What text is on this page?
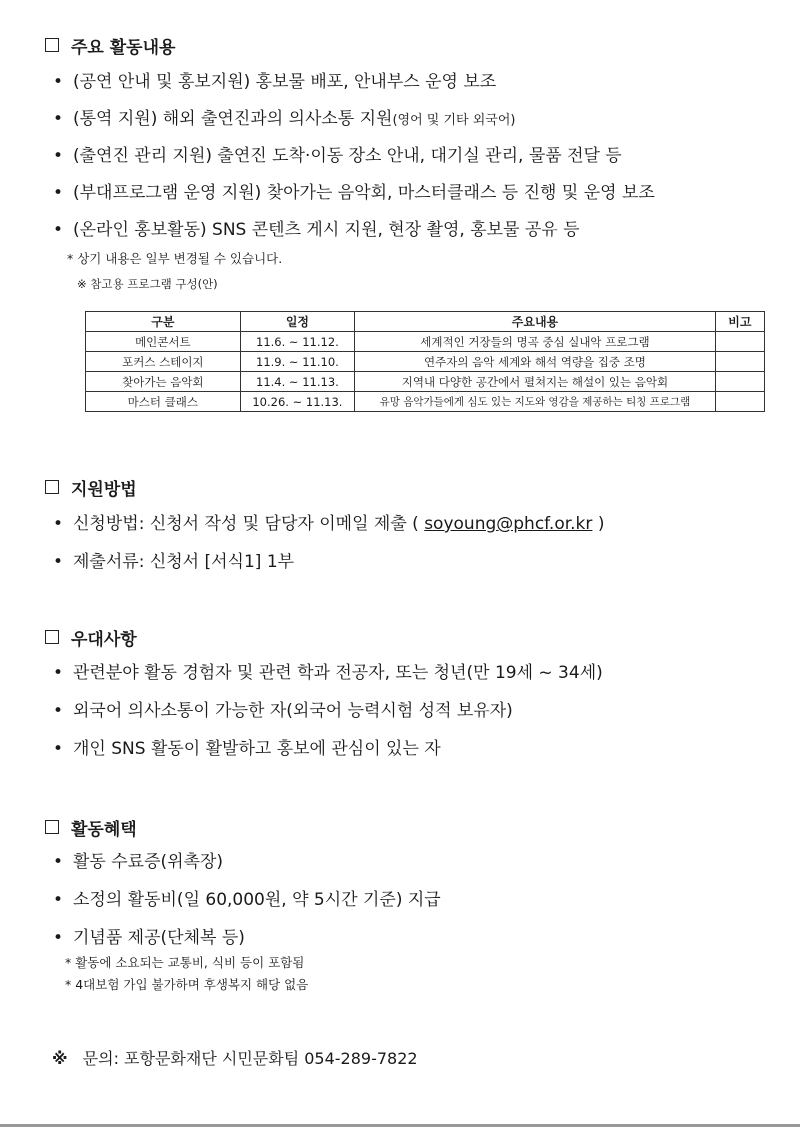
주요 활동내용
• (공연 안내 및 홍보지원) 홍보물 배포, 안내부스 운영 보조
• (통역 지원) 해외 출연진과의 의사소통 지원(영어 및 기타 외국어)
• (출연진 관리 지원) 출연진 도착·이동 장소 안내, 대기실 관리, 물품 전달 등
• (부대프로그램 운영 지원) 찾아가는 음악회, 마스터클래스 등 진행 및 운영 보조
• (온라인 홍보활동) SNS 콘텐츠 게시 지원, 현장 촬영, 홍보물 공유 등
* 상기 내용은 일부 변경될 수 있습니다.
※ 참고용 프로그램 구성(안)
구분	일정	주요내용	비고
메인콘서트	11.6. ~ 11.12.	세계적인 거장들의 명곡 중심 실내악 프로그램	
포커스 스테이지	11.9. ~ 11.10.	연주자의 음악 세계와 해석 역량을 집중 조명	
찾아가는 음악회	11.4. ~ 11.13.	지역내 다양한 공간에서 펼쳐지는 해설이 있는 음악회	
마스터 클래스	10.26. ~ 11.13.	유망 음악가들에게 심도 있는 지도와 영감을 제공하는 티칭 프로그램	
지원방법
• 신청방법: 신청서 작성 및 담당자 이메일 제출 ( soyoung@phcf.or.kr )
• 제출서류: 신청서 [서식1] 1부
우대사항
• 관련분야 활동 경험자 및 관련 학과 전공자, 또는 청년(만 19세 ~ 34세)
• 외국어 의사소통이 가능한 자(외국어 능력시험 성적 보유자)
• 개인 SNS 활동이 활발하고 홍보에 관심이 있는 자
활동혜택
• 활동 수료증(위촉장)
• 소정의 활동비(일 60,000원, 약 5시간 기준) 지급
• 기념품 제공(단체복 등)
* 활동에 소요되는 교통비, 식비 등이 포함됨
* 4대보험 가입 불가하며 후생복지 해당 없음
※ 문의: 포항문화재단 시민문화팀 054-289-7822
